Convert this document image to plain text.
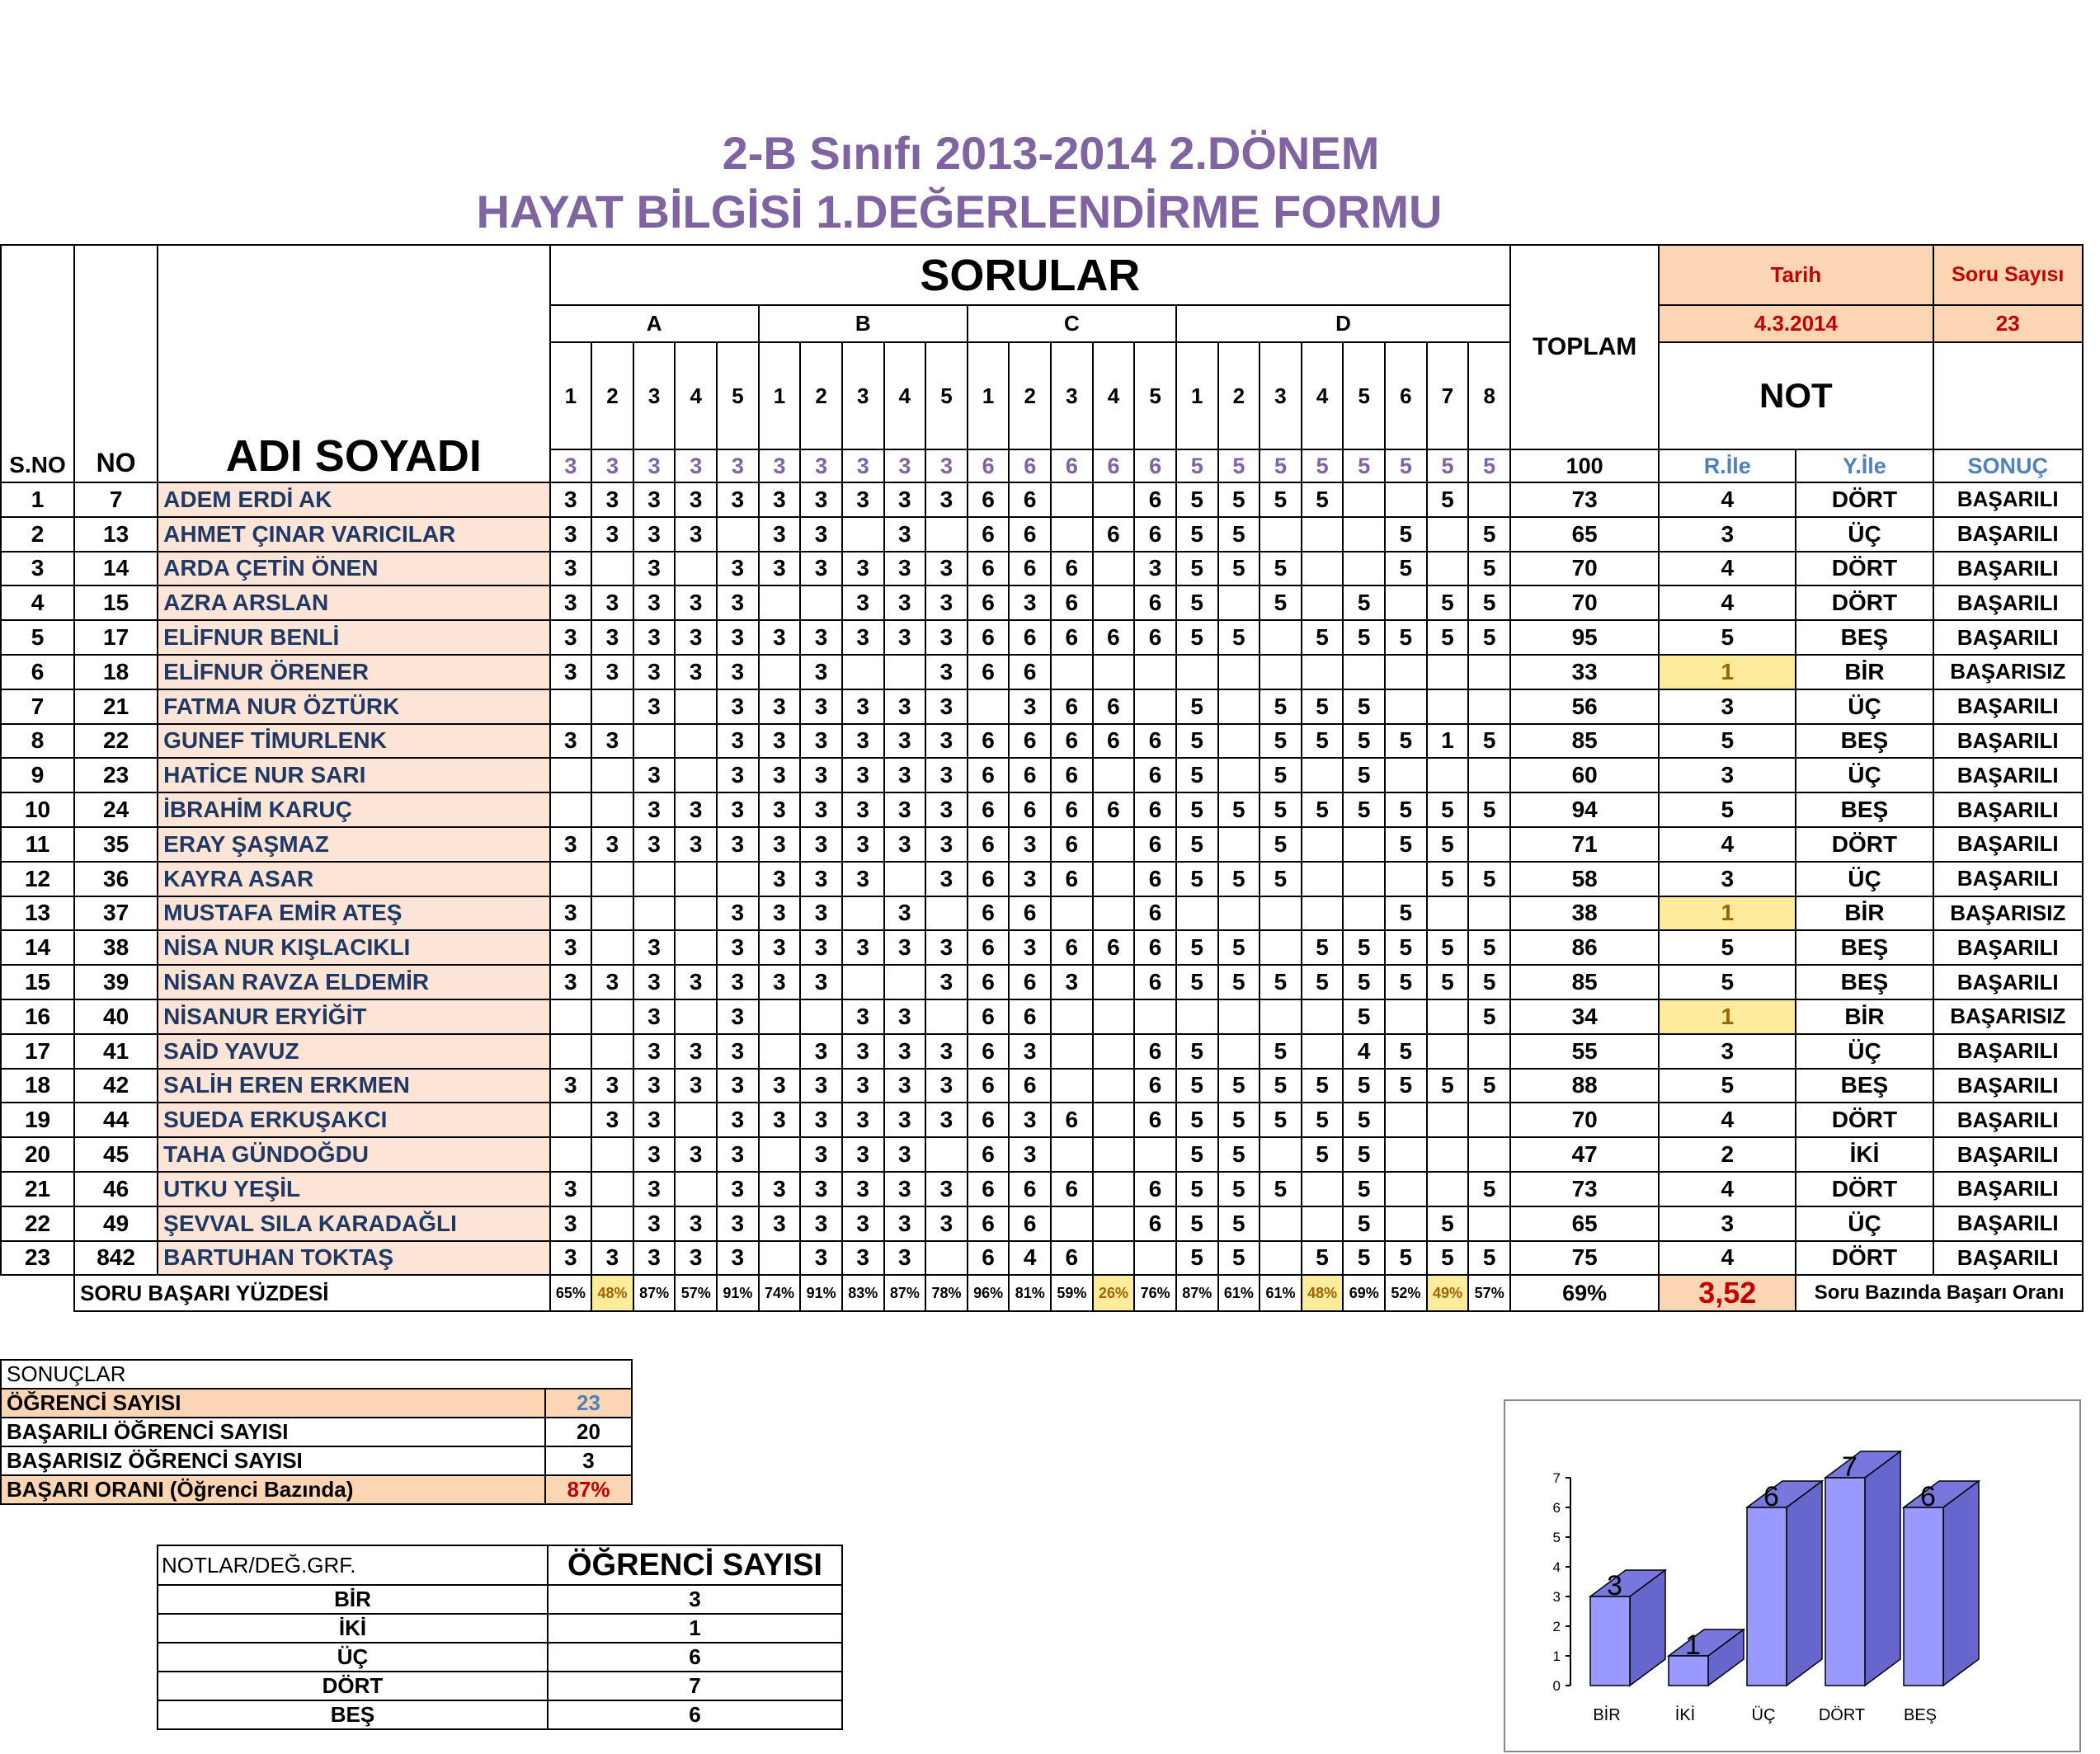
2-B Sınıfı 2013-2014 2.DÖNEM
HAYAT BİLGİSİ 1.DEĞERLENDİRME FORMU
S.NO	NO	ADI SOYADI	SORULAR																							TOPLAM	Tarih		Soru Sayısı
			A					B					C					D									4.3.2014		23
			1	2	3	4	5	1	2	3	4	5	1	2	3	4	5	1	2	3	4	5	6	7	8		NOT		
			3	3	3	3	3	3	3	3	3	3	6	6	6	6	6	5	5	5	5	5	5	5	5	100	R.İle	Y.İle	SONUÇ
1	7	ADEM ERDİ AK	3	3	3	3	3	3	3	3	3	3	6	6			6	5	5	5	5			5		73	4	DÖRT	BAŞARILI
2	13	AHMET ÇINAR VARICILAR	3	3	3	3		3	3		3		6	6		6	6	5	5				5		5	65	3	ÜÇ	BAŞARILI
3	14	ARDA ÇETİN ÖNEN	3		3		3	3	3	3	3	3	6	6	6		3	5	5	5			5		5	70	4	DÖRT	BAŞARILI
4	15	AZRA ARSLAN	3	3	3	3	3			3	3	3	6	3	6		6	5		5		5		5	5	70	4	DÖRT	BAŞARILI
5	17	ELİFNUR BENLİ	3	3	3	3	3	3	3	3	3	3	6	6	6	6	6	5	5		5	5	5	5	5	95	5	BEŞ	BAŞARILI
6	18	ELİFNUR ÖRENER	3	3	3	3	3		3			3	6	6												33	1	BİR	BAŞARISIZ
7	21	FATMA NUR ÖZTÜRK			3		3	3	3	3	3	3		3	6	6		5		5	5	5				56	3	ÜÇ	BAŞARILI
8	22	GUNEF TİMURLENK	3	3			3	3	3	3	3	3	6	6	6	6	6	5		5	5	5	5	1	5	85	5	BEŞ	BAŞARILI
9	23	HATİCE NUR SARI			3		3	3	3	3	3	3	6	6	6		6	5		5		5				60	3	ÜÇ	BAŞARILI
10	24	İBRAHİM KARUÇ			3	3	3	3	3	3	3	3	6	6	6	6	6	5	5	5	5	5	5	5	5	94	5	BEŞ	BAŞARILI
11	35	ERAY ŞAŞMAZ	3	3	3	3	3	3	3	3	3	3	6	3	6		6	5		5			5	5		71	4	DÖRT	BAŞARILI
12	36	KAYRA ASAR						3	3	3		3	6	3	6		6	5	5	5				5	5	58	3	ÜÇ	BAŞARILI
13	37	MUSTAFA EMİR ATEŞ	3				3	3	3		3		6	6			6						5			38	1	BİR	BAŞARISIZ
14	38	NİSA NUR KIŞLACIKLI	3		3		3	3	3	3	3	3	6	3	6	6	6	5	5		5	5	5	5	5	86	5	BEŞ	BAŞARILI
15	39	NİSAN RAVZA ELDEMİR	3	3	3	3	3	3	3			3	6	6	3		6	5	5	5	5	5	5	5	5	85	5	BEŞ	BAŞARILI
16	40	NİSANUR ERYİĞİT			3		3			3	3		6	6								5			5	34	1	BİR	BAŞARISIZ
17	41	SAİD YAVUZ			3	3	3		3	3	3	3	6	3			6	5		5		4	5			55	3	ÜÇ	BAŞARILI
18	42	SALİH EREN ERKMEN	3	3	3	3	3	3	3	3	3	3	6	6			6	5	5	5	5	5	5	5	5	88	5	BEŞ	BAŞARILI
19	44	SUEDA ERKUŞAKCI		3	3		3	3	3	3	3	3	6	3	6		6	5	5	5	5	5				70	4	DÖRT	BAŞARILI
20	45	TAHA GÜNDOĞDU			3	3	3		3	3	3		6	3				5	5		5	5				47	2	İKİ	BAŞARILI
21	46	UTKU YEŞİL	3		3		3	3	3	3	3	3	6	6	6		6	5	5	5		5			5	73	4	DÖRT	BAŞARILI
22	49	ŞEVVAL SILA KARADAĞLI	3		3	3	3	3	3	3	3	3	6	6			6	5	5			5		5		65	3	ÜÇ	BAŞARILI
23	842	BARTUHAN TOKTAŞ	3	3	3	3	3		3	3	3		6	4	6			5	5		5	5	5	5	5	75	4	DÖRT	BAŞARILI
	SORU BAŞARI YÜZDESİ		65%	48%	87%	57%	91%	74%	91%	83%	87%	78%	96%	81%	59%	26%	76%	87%	61%	61%	48%	69%	52%	49%	57%	69%	3,52	Soru Bazında Başarı Oranı	
SONUÇLAR	
ÖĞRENCİ SAYISI	23
BAŞARILI ÖĞRENCİ SAYISI	20
BAŞARISIZ ÖĞRENCİ SAYISI	3
BAŞARI ORANI (Öğrenci Bazında)	87%
NOTLAR/DEĞ.GRF.	ÖĞRENCİ SAYISI
BİR	3
İKİ	1
ÜÇ	6
DÖRT	7
BEŞ	6
0
1
2
3
4
5
6
7
3
BİR
1
İKİ
6
ÜÇ
7
DÖRT
6
BEŞ
